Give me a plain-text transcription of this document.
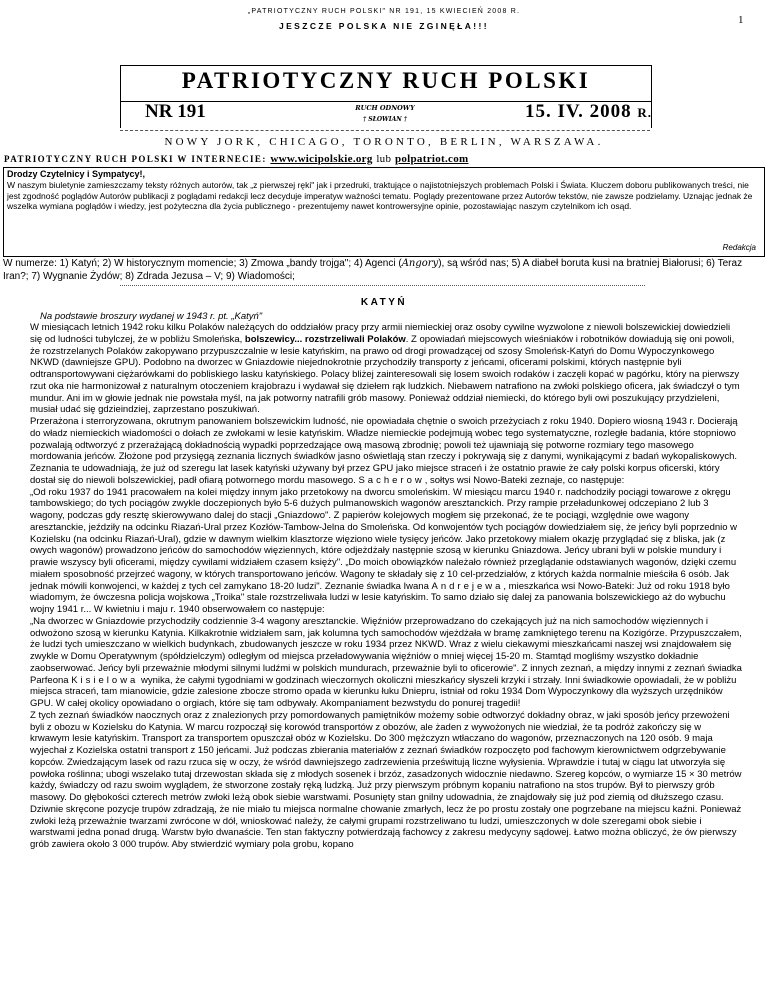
„PATRIOTYCZNY RUCH POLSKI" NR 191, 15 KWIECIEŃ 2008 R.
JESZCZE POLSKA NIE ZGINĘŁA!!!	1
PATRIOTYCZNY RUCH POLSKI
NR 191	RUCH ODNOWY
† SŁOWIAN †	15. IV. 2008 R.
NOWY JORK, CHICAGO, TORONTO, BERLIN, WARSZAWA.
PATRIOTYCZNY RUCH POLSKI W INTERNECIE: www.wicipolskie.org lub polpatriot.com
Drodzy Czytelnicy i Sympatycy!,
W naszym biuletynie zamieszczamy teksty różnych autorów, tak „z pierwszej ręki" jak i przedruki, traktujące o najistotniejszych problemach Polski i Świata. Kluczem doboru publikowanych treści, nie jest zgodność poglądów Autorów publikacji z poglądami redakcji lecz decyduje imperatyw ważności tematu. Poglądy prezentowane przez Autorów tekstów, nie zawsze podzielamy. Uznając jednak że wszelka wymiana poglądów i wiedzy, jest pożyteczna dla życia publicznego - prezentujemy nawet kontrowersyjne opinie, pozostawiając naszym czytelnikom ich osąd.
Redakcja
W numerze: 1) Katyń; 2) W historycznym momencie; 3) Zmowa „bandy trojga"; 4) Agenci (Angory), są wśród nas; 5) A diabeł boruta kusi na bratniej Białorusi; 6) Teraz Iran?; 7) Wygnanie Żydów; 8) Zdrada Jezusa – V; 9) Wiadomości;
KATYŃ
Na podstawie broszury wydanej w 1943 r. pt. „Katyń"

W miesiącach letnich 1942 roku kilku Polaków należących do oddziałów pracy przy armii niemieckiej oraz osoby cywilne wyzwolone z niewoli bolszewickiej dowiedzieli się od ludności tubylczej, że w pobliżu Smoleńska, bolszewicy... rozstrzeliwali Polaków. Z opowiadań miejscowych wieśniaków i robotników dowiadują się oni powoli, że rozstrzelanych Polaków zakopywano przypuszczalnie w lesie katyńskim, na prawo od drogi prowadzącej od szosy Smoleńsk-Katyń do Domu Wypoczynkowego NKWD (dawniejsze GPU). Podobno na dworzec w Gniazdowie niejednokrotnie przychodziły transporty z jeńcami, oficerami polskimi, których następnie byli odtransportowywani ciężarówkami do pobliskiego lasku katyńskiego. Polacy bliżej zainteresowali się losem swoich rodaków i zaczęli kopać w pagórku, który na pierwszy rzut oka nie harmonizował z naturalnym otoczeniem krajobrazu i wydawał się dziełem rąk ludzkich. Niebawem natrafiono na zwłoki polskiego oficera, jak świadczył o tym mundur. Ani im w głowie jednak nie powstała myśl, na jak potworny natrafili grób masowy. Ponieważ oddział niemiecki, do którego byli owi poszukujący przydzieleni, musiał udać się gdzieindziej, zaprzestano poszukiwań.

Przerażona i sterroryzowana, okrutnym panowaniem bolszewickim ludność, nie opowiadała chętnie o swoich przeżyciach z roku 1940. Dopiero wiosną 1943 r. Docierają do władz niemieckich wiadomości o dołach ze zwłokami w lesie katyńskim. Władze niemieckie podejmują wobec tego systematyczne, rozległe badania, które stopniowo pozwalają odtworzyć z przerażającą dokładnością wypadki poprzedzające ową masową zbrodnię; powoli też ujawniają się potworne rozmiary tego masowego mordowania jeńców. Złożone pod przysięgą zeznania licznych świadków jasno oświetlają stan rzeczy i pokrywają się z danymi, wynikającymi z badań wykopaliskowych. Zeznania te udowadniają, że już od szeregu lat lasek katyński używany był przez GPU jako miejsce straceń i że ostatnio prawie że cały polski korpus oficerski, który dostał się do niewoli bolszewickiej, padł ofiarą potwornego mordu masowego. Sacherow, sołtys wsi Nowo-Bateki zeznaje, co następuje:

„Od roku 1937 do 1941 pracowałem na kolei między innym jako przetokowy na dworcu smoleńskim. W miesiącu marcu 1940 r. nadchodziły pociągi towarowe z okręgu tambowskiego; do tych pociągów zwykle doczepionych było 5-6 dużych pulmanowskich wagonów aresztanckich. Przy rampie przeładunkowej odczepiano 2 lub 3 wagony, podczas gdy resztę skierowywano dalej do stacji „Gniazdowo". Z papierów kolejowych mogłem się przekonać, że te pociągi, względnie owe wagony aresztanckie, jeździły na odcinku Riazań-Ural przez Kozłów-Tambow-Jelna do Smoleńska. Od konwojentów tych pociągów dowiedziałem się, że jeńcy byli poprzednio w Kozielsku (na odcinku Riazań-Ural), gdzie w dawnym wielkim klasztorze więziono wiele tysięcy jeńców. Jako przetokowy miałem okazję przyglądać się z bliska, jak (z owych wagonów) prowadzono jeńców do samochodów więziennych, które odjeżdżały następnie szosą w kierunku Gniazdowa. Jeńcy ubrani byli w polskie mundury i prawie wszyscy byli oficerami, między cywilami widziałem czasem księży". „Do moich obowiązków należało również przeglądanie odstawianych wagonów, dzięki czemu miałem sposobność przejrzeć wagony, w których transportowano jeńców. Wagony te składały się z 10 cel-przedziałów, z których każda normalnie mieściła 6 osób. Jak jednak mówili konwojenci, w każdej z tych cel zamykano 18-20 ludzi". Zeznanie świadka Iwana Andrejewa, mieszkańca wsi Nowo-Bateki: Już od roku 1918 było wiadomym, że ówczesna policja wojskowa „Troika" stale rozstrzeliwała ludzi w lesie katyńskim. To samo działo się dalej za panowania bolszewickiego aż do wybuchu wojny 1941 r... W kwietniu i maju r. 1940 obserwowałem co następuje:

„Na dworzec w Gniazdowie przychodziły codziennie 3-4 wagony aresztanckie. Więźniów przeprowadzano do czekających już na nich samochodów więziennych i odwożono szosą w kierunku Katynia. Kilkakrotnie widziałem sam, jak kolumna tych samochodów wjeżdżała w bramę zamkniętego terenu na Kozigórze. Przypuszczałem, że ludzi tych umieszczano w wielkich budynkach, zbudowanych jeszcze w roku 1934 przez NKWD. Wraz z wielu ciekawymi mieszkańcami naszej wsi znajdowałem się zwykle w Domu Operatywnym (spółdzielczym) odległym od miejsca przeładowywania więźniów o mniej więcej 15-20 m. Stamtąd mogliśmy wszystko dokładnie zaobserwować. Jeńcy byli przeważnie młodymi silnymi ludźmi w polskich mundurach, przeważnie byli to oficerowie". Z innych zeznań, a między innymi z zeznań świadka Parfeona Kisielowa wynika, że całymi tygodniami w godzinach wieczornych okoliczni mieszkańcy słyszeli krzyki i strzały. Inni świadkowie opowiadali, że w pobliżu miejsca straceń, tam mianowicie, gdzie zalesione zbocze stromo opada w kierunku łuku Dniepru, istniał od roku 1934 Dom Wypoczynkowy dla wyższych urzędników GPU. W całej okolicy opowiadano o orgiach, które się tam odbywały. Akompaniament bezwstydu do ponurej tragedii!

Z tych zeznań świadków naocznych oraz z znalezionych przy pomordowanych pamiętników możemy sobie odtworzyć dokładny obraz, w jaki sposób jeńcy przewożeni byli z obozu w Kozielsku do Katynia. W marcu rozpoczął się korowód transportów z obozów, ale żaden z wywożonych nie wiedział, że ta podróż zakończy się w krwawym lesie katyńskim. Transport za transportem opuszczał obóz w Kozielsku. Do 300 mężczyzn wtłaczano do wagonów, przeznaczonych na 120 osób. 9 maja wyjechał z Kozielska ostatni transport z 150 jeńcami. Już podczas zbierania materiałów z zeznań świadków rozpoczęto pod fachowym kierownictwem odgrzebywanie kopców. Zwiedzającym lasek od razu rzuca się w oczy, że wśród dawniejszego zadrzewienia prześwitują liczne wyłysienia. Wprawdzie i tutaj w ciągu lat utworzyła się powłoka roślinna; ubogi wszelako tutaj drzewostan składa się z młodych sosenek i brzóz, zasadzonych widocznie niedawno. Szereg kopców, o wymiarze 15 × 30 metrów każdy, świadczy od razu swoim wyglądem, że stworzone zostały ręką ludzką. Już przy pierwszym próbnym kopaniu natrafiono na stos trupów. Był to pierwszy grób masowy. Do głębokości czterech metrów zwłoki leżą obok siebie warstwami. Posunięty stan gnilny udowadnia, że znajdowały się już pod ziemią od dłuższego czasu. Dziwnie skręcone pozycje trupów zdradzają, że nie miało tu miejsca normalne chowanie zmarłych, lecz że po prostu zostały one pogrzebane na miejscu kaźni. Ponieważ zwłoki leżą przeważnie twarzami zwrócone w dół, wnioskować należy, że całymi grupami rozstrzeliwano tu ludzi, umieszczonych w dole szeregami obok siebie i warstwami jedna ponad drugą. Warstw było dwanaście. Ten stan faktyczny potwierdzają fachowcy z zakresu medycyny sądowej. Łatwo można obliczyć, że ów pierwszy grób zawiera około 3 000 trupów. Aby stwierdzić wymiary pola grobu, kopano
